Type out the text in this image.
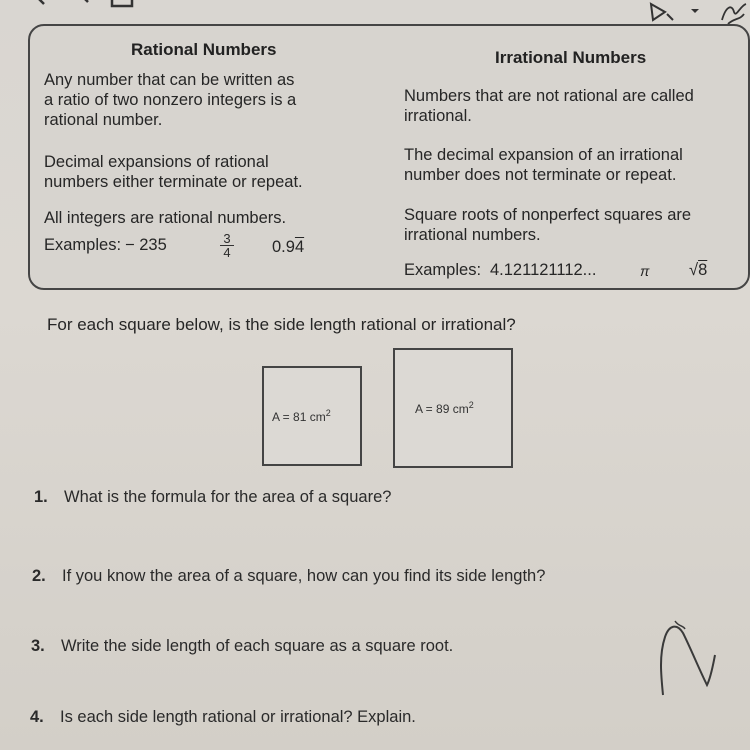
Rational Numbers	Irrational Numbers
Any number that can be written as
a ratio of two nonzero integers is a
rational number.
Decimal expansions of rational
numbers either terminate or repeat.
All integers are rational numbers.
Examples: − 235	$\frac{3}{4} 0.94$
Numbers that are not rational are called
irrational.
The decimal expansion of an irrational
number does not terminate or repeat.
Square roots of nonperfect squares are
irrational numbers.
Examples: 4.121121112...	π √8
For each square below, is the side length rational or irrational?
A = 81 $cm^2$	A = 89 $cm^2$
1. What is the formula for the area of a square?
2. If you know the area of a square, how can you find its side length?
3. Write the side length of each square as a square root.
4. Is each side length rational or irrational? Explain.
